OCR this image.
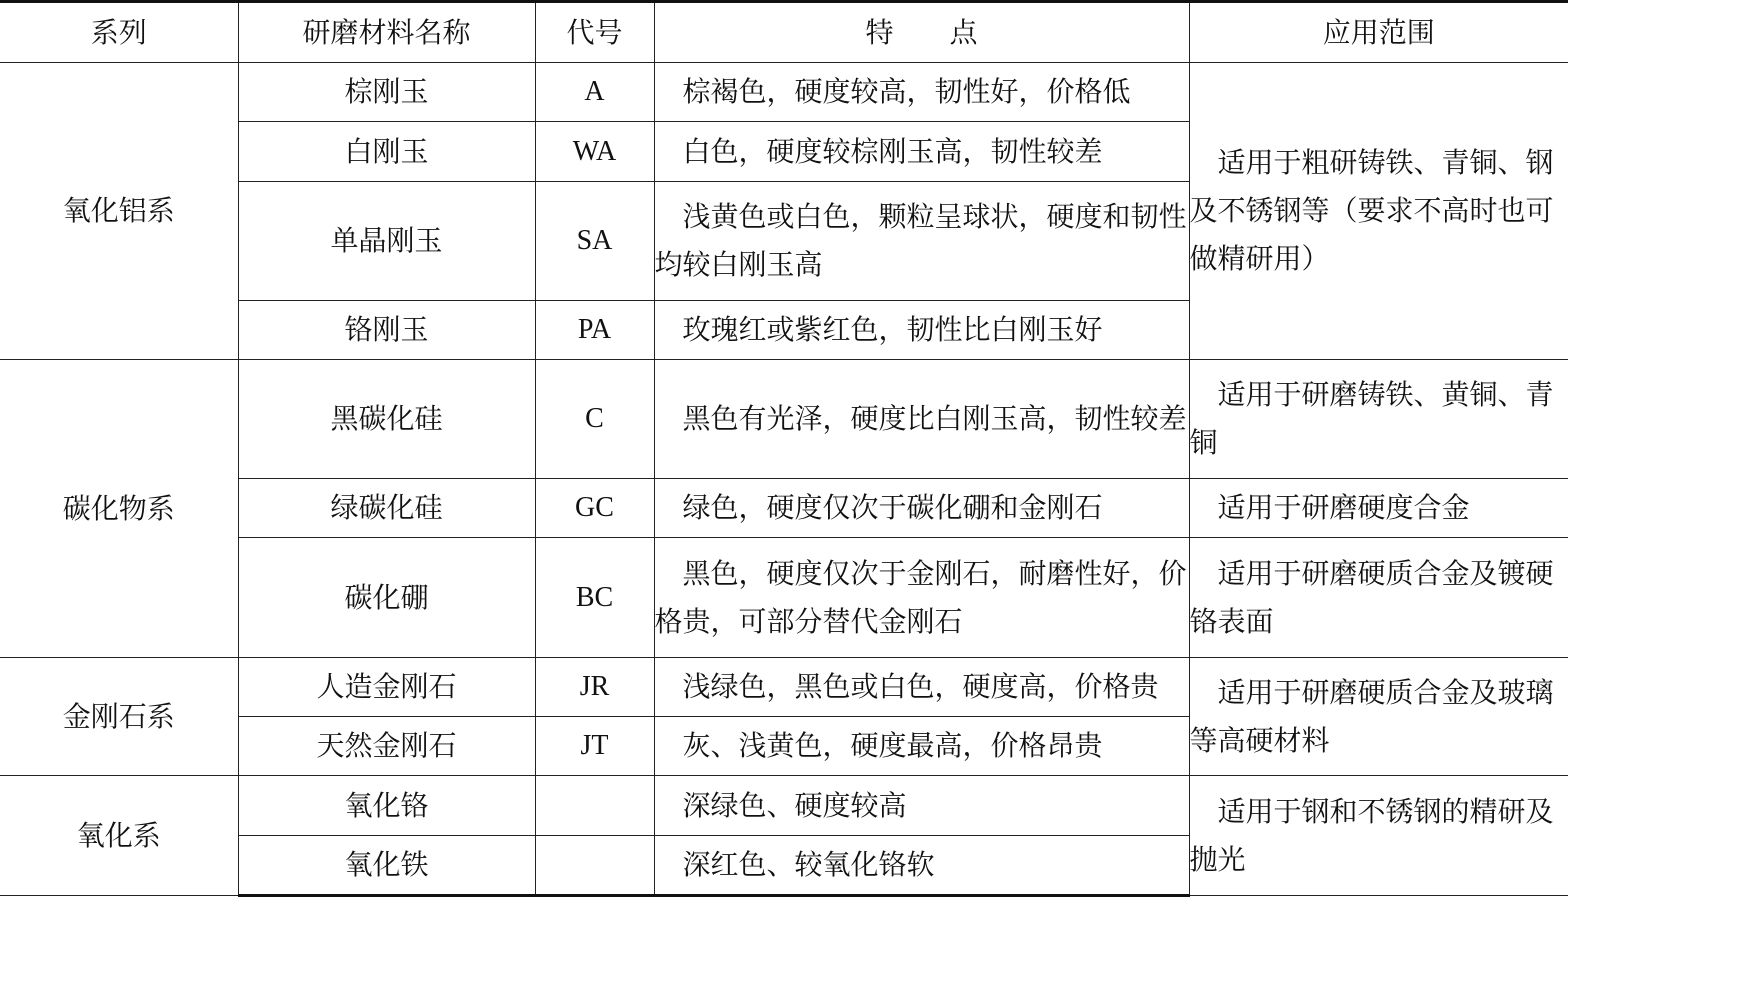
系列	研磨材料名称	代号	特　　点	应用范围
氧化铝系	棕刚玉	A	棕褐色，硬度较高，韧性好，价格低	适用于粗研铸铁、青铜、钢及不锈钢等（要求不高时也可做精研用）
	白刚玉	WA	白色，硬度较棕刚玉高，韧性较差	
	单晶刚玉	SA	浅黄色或白色，颗粒呈球状，硬度和韧性均较白刚玉高	
	铬刚玉	PA	玫瑰红或紫红色，韧性比白刚玉好	
碳化物系	黑碳化硅	C	黑色有光泽，硬度比白刚玉高，韧性较差	适用于研磨铸铁、黄铜、青铜
	绿碳化硅	GC	绿色，硬度仅次于碳化硼和金刚石	适用于研磨硬度合金
	碳化硼	BC	黑色，硬度仅次于金刚石，耐磨性好，价格贵，可部分替代金刚石	适用于研磨硬质合金及镀硬铬表面
金刚石系	人造金刚石	JR	浅绿色，黑色或白色，硬度高，价格贵	适用于研磨硬质合金及玻璃等高硬材料
	天然金刚石	JT	灰、浅黄色，硬度最高，价格昂贵	
氧化系	氧化铬		深绿色、硬度较高	适用于钢和不锈钢的精研及抛光
	氧化铁		深红色、较氧化铬软	
